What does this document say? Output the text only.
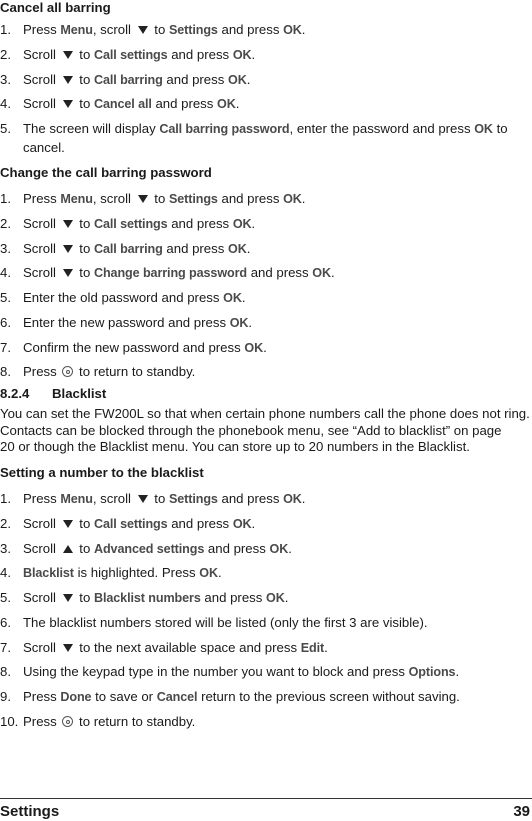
Cancel all barring
1. Press Menu, scroll  to Settings and press OK.
2. Scroll  to Call settings and press OK.
3. Scroll  to Call barring and press OK.
4. Scroll  to Cancel all and press OK.
5. The screen will display Call barring password, enter the password and press OK to
cancel.
Change the call barring password
1. Press Menu, scroll  to Settings and press OK.
2. Scroll  to Call settings and press OK.
3. Scroll  to Call barring and press OK.
4. Scroll  to Change barring password and press OK.
5. Enter the old password and press OK.
6. Enter the new password and press OK.
7. Confirm the new password and press OK.
8. Press  to return to standby.
8.2.4 Blacklist
You can set the FW200L so that when certain phone numbers call the phone does not ring.
Contacts can be blocked through the phonebook menu, see “Add to blacklist” on page
20 or though the Blacklist menu. You can store up to 20 numbers in the Blacklist.
Setting a number to the blacklist
1. Press Menu, scroll  to Settings and press OK.
2. Scroll  to Call settings and press OK.
3. Scroll  to Advanced settings and press OK.
4. Blacklist is highlighted. Press OK.
5. Scroll  to Blacklist numbers and press OK.
6. The blacklist numbers stored will be listed (only the first 3 are visible).
7. Scroll  to the next available space and press Edit.
8. Using the keypad type in the number you want to block and press Options.
9. Press Done to save or Cancel return to the previous screen without saving.
10. Press  to return to standby.
Settings	39
